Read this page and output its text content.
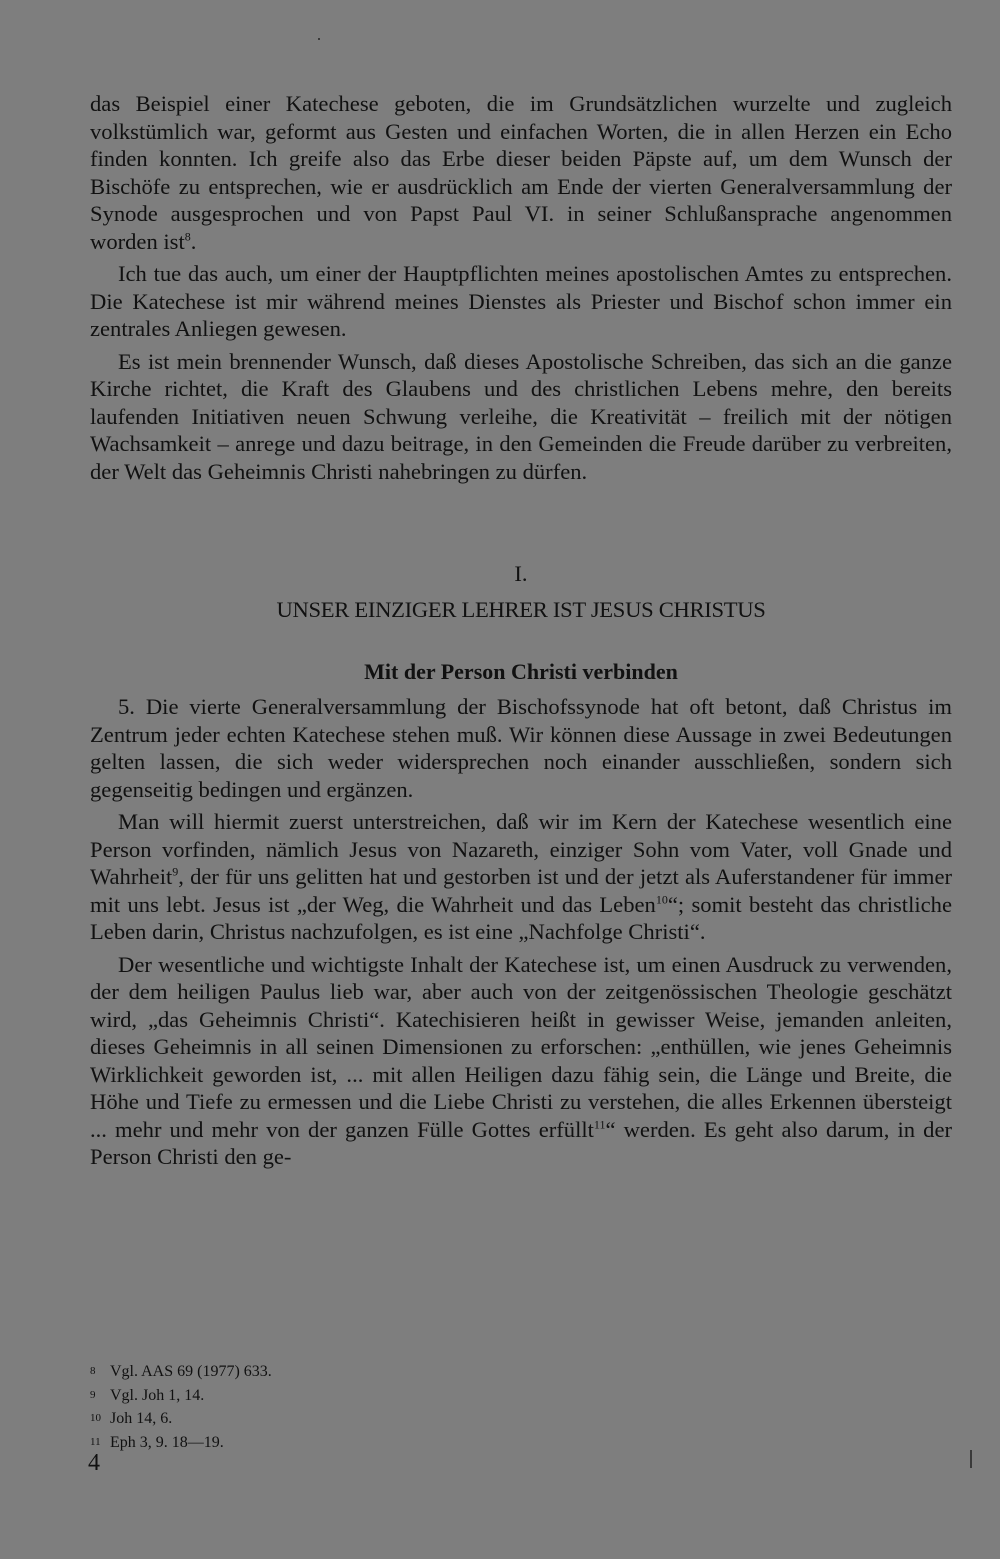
das Beispiel einer Katechese geboten, die im Grundsätzlichen wurzelte und zugleich volkstümlich war, geformt aus Gesten und einfachen Worten, die in allen Herzen ein Echo finden konnten. Ich greife also das Erbe dieser beiden Päpste auf, um dem Wunsch der Bischöfe zu entsprechen, wie er ausdrücklich am Ende der vierten Generalversammlung der Synode ausgesprochen und von Papst Paul VI. in seiner Schlußansprache angenommen worden ist$^8$.

Ich tue das auch, um einer der Hauptpflichten meines apostolischen Amtes zu entsprechen. Die Katechese ist mir während meines Dienstes als Priester und Bischof schon immer ein zentrales Anliegen gewesen.

Es ist mein brennender Wunsch, daß dieses Apostolische Schreiben, das sich an die ganze Kirche richtet, die Kraft des Glaubens und des christlichen Lebens mehre, den bereits laufenden Initiativen neuen Schwung verleihe, die Kreativität – freilich mit der nötigen Wachsamkeit – anrege und dazu beitrage, in den Gemeinden die Freude darüber zu verbreiten, der Welt das Geheimnis Christi nahebringen zu dürfen.

I.
UNSER EINZIGER LEHRER IST JESUS CHRISTUS
Mit der Person Christi verbinden

5. Die vierte Generalversammlung der Bischofssynode hat oft betont, daß Christus im Zentrum jeder echten Katechese stehen muß. Wir können diese Aussage in zwei Bedeutungen gelten lassen, die sich weder widersprechen noch einander ausschließen, sondern sich gegenseitig bedingen und ergänzen.

Man will hiermit zuerst unterstreichen, daß wir im Kern der Katechese wesentlich eine Person vorfinden, nämlich Jesus von Nazareth, einziger Sohn vom Vater, voll Gnade und Wahrheit$^9$, der für uns gelitten hat und gestorben ist und der jetzt als Auferstandener für immer mit uns lebt. Jesus ist „der Weg, die Wahrheit und das Leben$^{10}$“; somit besteht das christliche Leben darin, Christus nachzufolgen, es ist eine „Nachfolge Christi“.

Der wesentliche und wichtigste Inhalt der Katechese ist, um einen Ausdruck zu verwenden, der dem heiligen Paulus lieb war, aber auch von der zeitgenössischen Theologie geschätzt wird, „das Geheimnis Christi“. Katechisieren heißt in gewisser Weise, jemanden anleiten, dieses Geheimnis in all seinen Dimensionen zu erforschen: „enthüllen, wie jenes Geheimnis Wirklichkeit geworden ist, ... mit allen Heiligen dazu fähig sein, die Länge und Breite, die Höhe und Tiefe zu ermessen und die Liebe Christi zu verstehen, die alles Erkennen übersteigt ... mehr und mehr von der ganzen Fülle Gottes erfüllt$^{11}$“ werden. Es geht also darum, in der Person Christi den ge-

8 Vgl. AAS 69 (1977) 633.
9 Vgl. Joh 1, 14.
10 Joh 14, 6.
11 Eph 3, 9. 18—19.
4
